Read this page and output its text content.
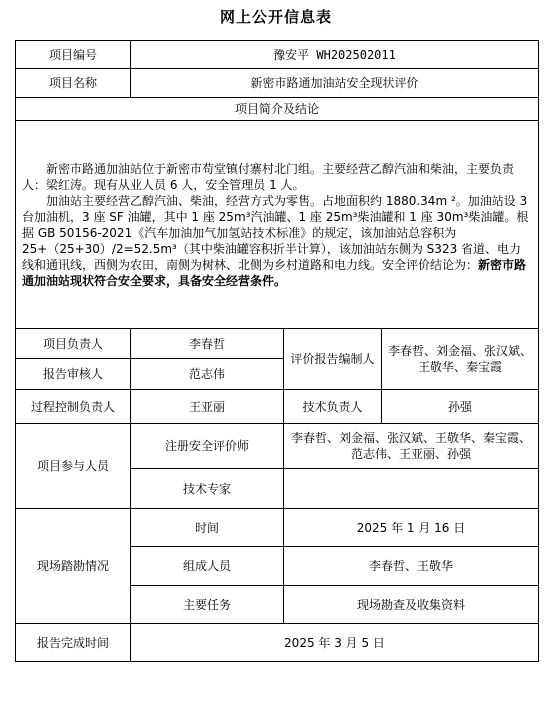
网上公开信息表
项目编号	豫安平 WH202502011		
项目名称	新密市路通加油站安全现状评价		
项目简介及结论			

新密市路通加油站位于新密市苟堂镇付寨村北门组。主要经营乙醇汽油和柴油，主要负责人：梁红涛。现有从业人员 6 人，安全管理员 1 人。

加油站主要经营乙醇汽油、柴油，经营方式为零售。占地面积约 1880.34m ²。加油站设 3 台加油机，3 座 SF 油罐，其中 1 座 25m³汽油罐、1 座 25m³柴油罐和 1 座 30m³柴油罐。根据 GB 50156-2021《汽车加油加气加氢站技术标准》的规定，该加油站总容积为 25+（25+30）/2=52.5m³（其中柴油罐容积折半计算），该加油站东侧为 S323 省道、电力线和通讯线，西侧为农田，南侧为树林、北侧为乡村道路和电力线。安全评价结论为：新密市路通加油站现状符合安全要求，具备安全经营条件。			

项目负责人	李春哲	评价报告编制人	李春哲、刘金福、张汉斌、王敬华、秦宝霞
报告审核人	范志伟		
过程控制负责人	王亚丽	技术负责人	孙强
项目参与人员	注册安全评价师	李春哲、刘金福、张汉斌、王敬华、秦宝霞、范志伟、王亚丽、孙强	
	技术专家		
现场踏勘情况	时间	2025 年 1 月 16 日	
	组成人员	李春哲、王敬华	
	主要任务	现场勘查及收集资料	
报告完成时间	2025 年 3 月 5 日		
